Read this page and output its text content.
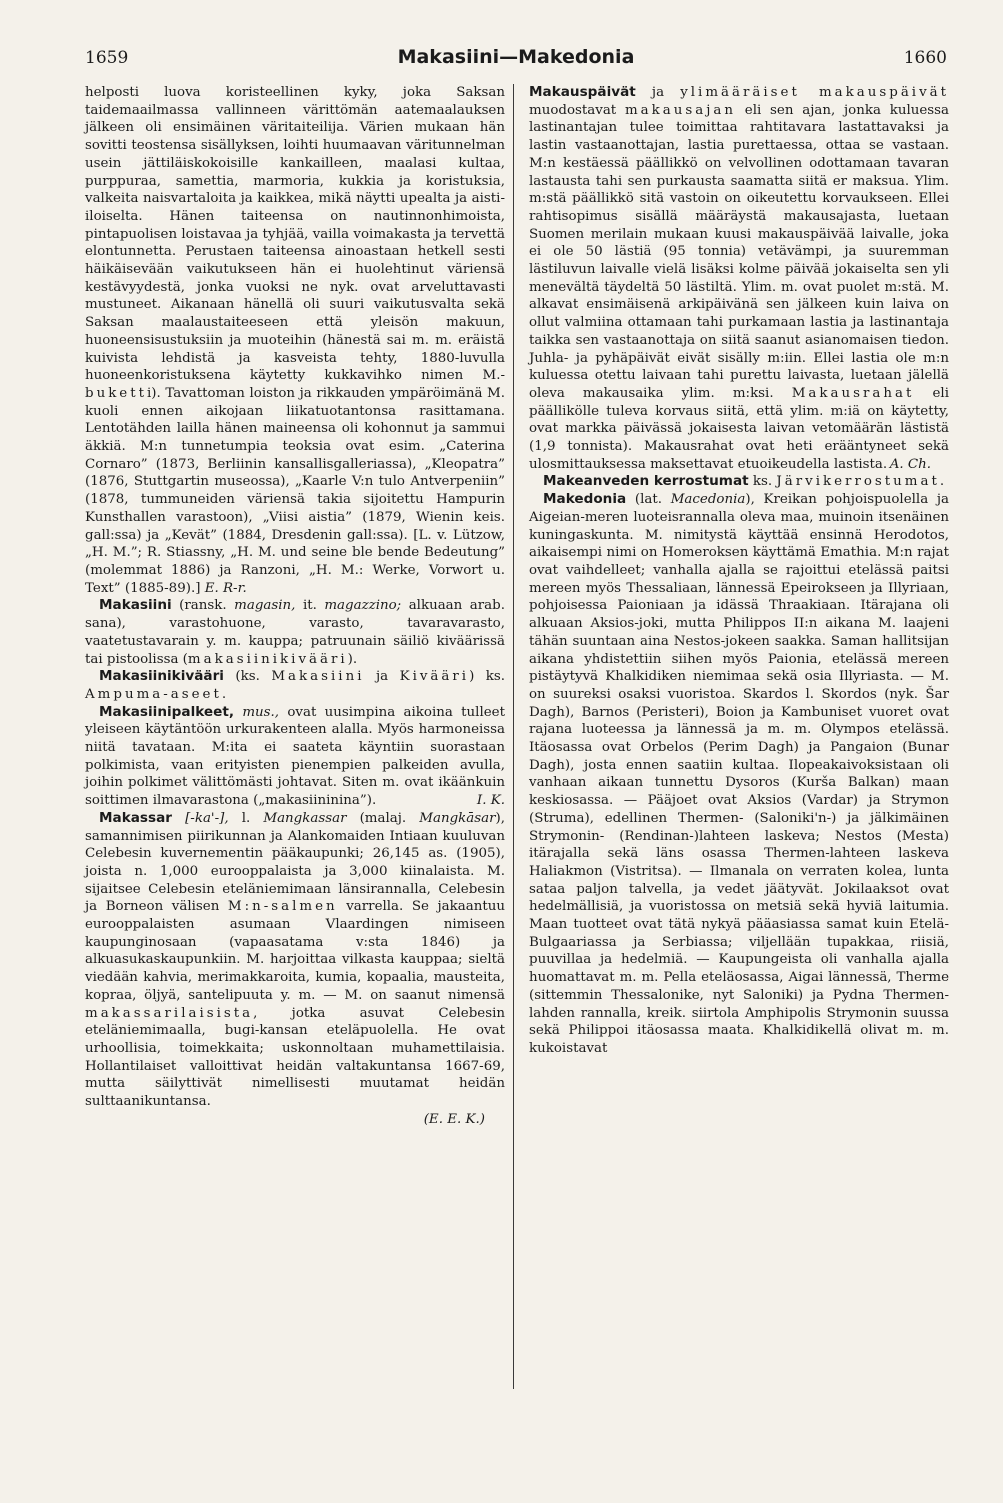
1659	Makasiini—Makedonia	1660

helposti luova koristeellinen kyky, joka Saksan taidemaailmassa vallinneen värittömän aatemaalauksen jälkeen oli ensimäinen väritaiteilija. Värien mukaan hän sovitti teostensa sisällyksen, loihti huumaavan väritunnelman usein jättiläiskokoisille kankailleen, maalasi kultaa, purppuraa, samettia, marmoria, kukkia ja koristuksia, valkeita naisvartaloita ja kaikkea, mikä näytti upealta ja aisti-iloiselta. Hänen taiteensa on nautinnonhimoista, pintapuolisen loistavaa ja tyhjää, vailla voimakasta ja tervettä elontunnetta. Perustaen taiteensa ainoastaan hetkell sesti häikäisevään vaikutukseen hän ei huolehtinut väriensä kestävyydestä, jonka vuoksi ne nyk. ovat arveluttavasti mustuneet. Aikanaan hänellä oli suuri vaikutusvalta sekä Saksan maalaustaiteeseen että yleisön makuun, huoneensisustuksiin ja muoteihin (hänestä sai m. m. eräistä kuivista lehdistä ja kasveista tehty, 1880-luvulla huoneenkoristuksena käytetty kukkavihko nimen M.-buketti). Tavattoman loiston ja rikkauden ympäröimänä M. kuoli ennen aikojaan liikatuotantonsa rasittamana. Lentotähden lailla hänen maineensa oli kohonnut ja sammui äkkiä. M:n tunnetumpia teoksia ovat esim. „Caterina Cornaro” (1873, Berliinin kansallisgalleriassa), „Kleopatra” (1876, Stuttgartin museossa), „Kaarle V:n tulo Antverpeniin” (1878, tummuneiden väriensä takia sijoitettu Hampurin Kunsthallen varastoon), „Viisi aistia” (1879, Wienin keis. gall:ssa) ja „Kevät” (1884, Dresdenin gall:ssa). [L. v. Lützow, „H. M.”; R. Stiassny, „H. M. und seine ble bende Bedeutung” (molemmat 1886) ja Ranzoni, „H. M.: Werke, Vorwort u. Text” (1885-89).] E. R-r.

Makasiini (ransk. magasin, it. magazzino; alkuaan arab. sana), varastohuone, varasto, tavaravarasto, vaatetustavarain y. m. kauppa; patruunain säiliö kiväärissä tai pistoolissa (makasiinikivääri).

Makasiinikivääri (ks. Makasiini ja Kivääri) ks. Ampuma-aseet.

Makasiinipalkeet, mus., ovat uusimpina aikoina tulleet yleiseen käytäntöön urkurakenteen alalla. Myös harmoneissa niitä tavataan. M:ita ei saateta käyntiin suorastaan polkimista, vaan erityisten pienempien palkeiden avulla, joihin polkimet välittömästi johtavat. Siten m. ovat ikäänkuin soittimen ilmavarastona („makasiininina”).	I. K.

Makassar [-ka'-], l. Mangkassar (malaj. Mangkāsar), samannimisen piirikunnan ja Alankomaiden Intiaan kuuluvan Celebesin kuvernementin pääkaupunki; 26,145 as. (1905), joista n. 1,000 eurooppalaista ja 3,000 kiinalaista. M. sijaitsee Celebesin eteläniemimaan länsirannalla, Celebesin ja Borneon välisen M:n-salmen varrella. Se jakaantuu eurooppalaisten asumaan Vlaardingen nimiseen kaupunginosaan (vapaasatama v:sta 1846) ja alkuasukaskaupunkiin. M. harjoittaa vilkasta kauppaa; sieltä viedään kahvia, merimakkaroita, kumia, kopaalia, mausteita, kopraa, öljyä, santelipuuta y. m. — M. on saanut nimensä makassarilaisista, jotka asuvat Celebesin eteläniemimaalla, bugi-kansan eteläpuolella. He ovat urhoollisia, toimekkaita; uskonnoltaan muhamettilaisia. Hollantilaiset valloittivat heidän valtakuntansa 1667-69, mutta säilyttivät nimellisesti muutamat heidän sulttaanikuntansa.
(E. E. K.)

Makauspäivät ja ylimääräiset makauspäivät muodostavat makausajan eli sen ajan, jonka kuluessa lastinantajan tulee toimittaa rahtitavara lastattavaksi ja lastin vastaanottajan, lastia purettaessa, ottaa se vastaan. M:n kestäessä päällikkö on velvollinen odottamaan tavaran lastausta tahi sen purkausta saamatta siitä er maksua. Ylim. m:stä päällikkö sitä vastoin on oikeutettu korvaukseen. Ellei rahtisopimus sisällä määräystä makausajasta, luetaan Suomen merilain mukaan kuusi makauspäivää laivalle, joka ei ole 50 lästiä (95 tonnia) vetävämpi, ja suuremman lästiluvun laivalle vielä lisäksi kolme päivää jokaiselta sen yli menevältä täydeltä 50 lästiltä. Ylim. m. ovat puolet m:stä. M. alkavat ensimäisenä arkipäivänä sen jälkeen kuin laiva on ollut valmiina ottamaan tahi purkamaan lastia ja lastinantaja taikka sen vastaanottaja on siitä saanut asianomaisen tiedon. Juhla- ja pyhäpäivät eivät sisälly m:iin. Ellei lastia ole m:n kuluessa otettu laivaan tahi purettu laivasta, luetaan jälellä oleva makausaika ylim. m:ksi. Makausrahat eli päällikölle tuleva korvaus siitä, että ylim. m:iä on käytetty, ovat markka päivässä jokaisesta laivan vetomäärän lästistä (1,9 tonnista). Makausrahat ovat heti erääntyneet sekä ulosmittauksessa maksettavat etuoikeudella lastista. A. Ch.

Makeanveden kerrostumat ks. Järvikerrostumat.

Makedonia (lat. Macedonia), Kreikan pohjoispuolella ja Aigeian-meren luoteisrannalla oleva maa, muinoin itsenäinen kuningaskunta. M. nimitystä käyttää ensinnä Herodotos, aikaisempi nimi on Homeroksen käyttämä Emathia. M:n rajat ovat vaihdelleet; vanhalla ajalla se rajoittui etelässä paitsi mereen myös Thessaliaan, lännessä Epeirokseen ja Illyriaan, pohjoisessa Paioniaan ja idässä Thraakiaan. Itärajana oli alkuaan Aksios-joki, mutta Philippos II:n aikana M. laajeni tähän suuntaan aina Nestos-jokeen saakka. Saman hallitsijan aikana yhdistettiin siihen myös Paionia, etelässä mereen pistäytyvä Khalkidiken niemimaa sekä osia Illyriasta. — M. on suureksi osaksi vuoristoa. Skardos l. Skordos (nyk. Šar Dagh), Barnos (Peristeri), Boion ja Kambuniset vuoret ovat rajana luoteessa ja lännessä ja m. m. Olympos etelässä. Itäosassa ovat Orbelos (Perim Dagh) ja Pangaion (Bunar Dagh), josta ennen saatiin kultaa. Ilopeakaivoksistaan oli vanhaan aikaan tunnettu Dysoros (Kurša Balkan) maan keskiosassa. — Pääjoet ovat Aksios (Vardar) ja Strymon (Struma), edellinen Thermen- (Saloniki'n-) ja jälkimäinen Strymonin- (Rendinan-)lahteen laskeva; Nestos (Mesta) itärajalla sekä läns osassa Thermen-lahteen laskeva Haliakmon (Vistritsa). — Ilmanala on verraten kolea, lunta sataa paljon talvella, ja vedet jäätyvät. Jokilaaksot ovat hedelmällisiä, ja vuoristossa on metsiä sekä hyviä laitumia. Maan tuotteet ovat tätä nykyä pääasiassa samat kuin Etelä-Bulgaariassa ja Serbiassa; viljellään tupakkaa, riisiä, puuvillaa ja hedelmiä. — Kaupungeista oli vanhalla ajalla huomattavat m. m. Pella eteläosassa, Aigai lännessä, Therme (sittemmin Thessalonike, nyt Saloniki) ja Pydna Thermen-lahden rannalla, kreik. siirtola Amphipolis Strymonin suussa sekä Philippoi itäosassa maata. Khalkidikellä olivat m. m. kukoistavat
